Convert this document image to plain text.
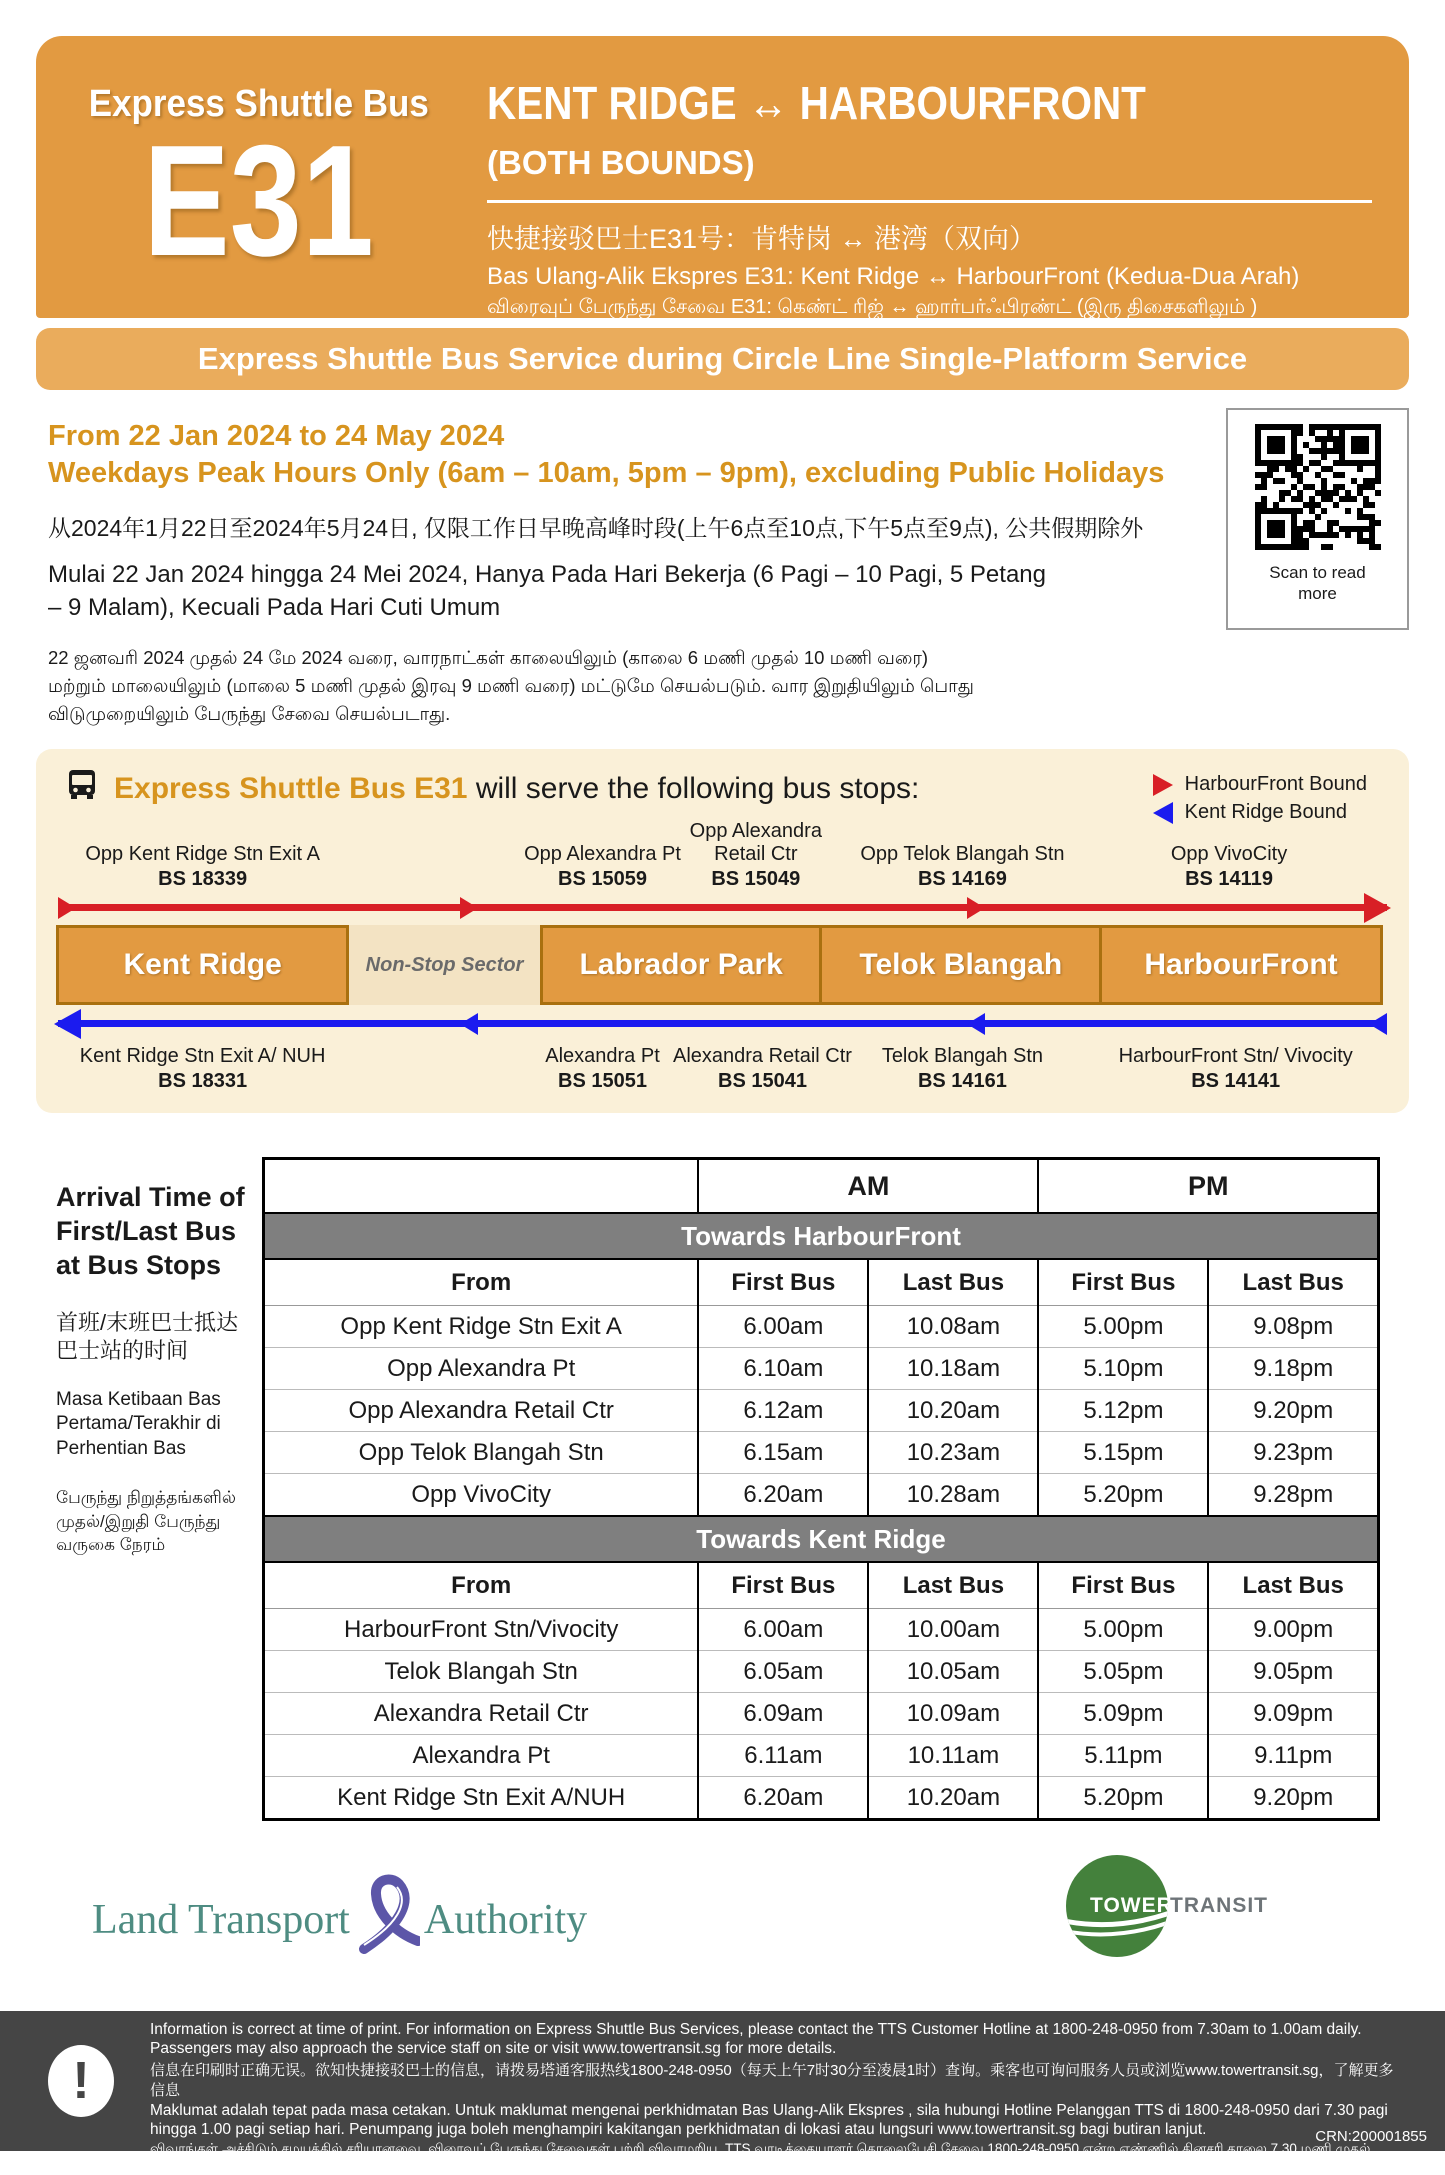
Express Shuttle Bus
E31
KENT RIDGE ↔ HARBOURFRONT
(BOTH BOUNDS)
快捷接驳巴士E31号：肯特岗 ↔ 港湾（双向）
Bas Ulang-Alik Ekspres E31: Kent Ridge ↔ HarbourFront (Kedua-Dua Arah)
விரைவுப் பேருந்து சேவை E31: கெண்ட் ரிஜ் ↔ ஹார்பர்ஃபிரண்ட் (இரு திசைகளிலும் )
Express Shuttle Bus Service during Circle Line Single-Platform Service
From 22 Jan 2024 to 24 May 2024
Weekdays Peak Hours Only (6am – 10am, 5pm – 9pm), excluding Public Holidays
从2024年1月22日至2024年5月24日, 仅限工作日早晚高峰时段(上午6点至10点,下午5点至9点), 公共假期除外
Mulai 22 Jan 2024 hingga 24 Mei 2024, Hanya Pada Hari Bekerja (6 Pagi – 10 Pagi, 5 Petang – 9 Malam), Kecuali Pada Hari Cuti Umum
22 ஜனவரி 2024 முதல் 24 மே 2024 வரை, வாரநாட்கள் காலையிலும் (காலை 6 மணி முதல் 10 மணி வரை) மற்றும் மாலையிலும் (மாலை 5 மணி முதல் இரவு 9 மணி வரை) மட்டுமே செயல்படும். வார இறுதியிலும் பொது விடுமுறையிலும் பேருந்து சேவை செயல்படாது.
Scan to read more
Express Shuttle Bus E31 will serve the following bus stops:	HarbourFront Bound
Kent Ridge Bound
Opp Kent Ridge Stn Exit A
BS 18339
Opp Alexandra Pt
BS 15059
Opp Alexandra Retail Ctr
BS 15049
Opp Telok Blangah Stn
BS 14169
Opp VivoCity
BS 14119
Kent Ridge	Non-Stop Sector	Labrador Park	Telok Blangah	HarbourFront
Kent Ridge Stn Exit A/ NUH
BS 18331
Alexandra Pt
BS 15051
Alexandra Retail Ctr
BS 15041
Telok Blangah Stn
BS 14161
HarbourFront Stn/ Vivocity
BS 14141
Arrival Time of First/Last Bus at Bus Stops
首班/末班巴士抵达巴士站的时间
Masa Ketibaan Bas Pertama/Terakhir di Perhentian Bas
பேருந்து நிறுத்தங்களில் முதல்/இறுதி பேருந்து வருகை நேரம்
	AM		PM	
Towards HarbourFront				
From	First Bus	Last Bus	First Bus	Last Bus
Opp Kent Ridge Stn Exit A	6.00am	10.08am	5.00pm	9.08pm
Opp Alexandra Pt	6.10am	10.18am	5.10pm	9.18pm
Opp Alexandra Retail Ctr	6.12am	10.20am	5.12pm	9.20pm
Opp Telok Blangah Stn	6.15am	10.23am	5.15pm	9.23pm
Opp VivoCity	6.20am	10.28am	5.20pm	9.28pm
Towards Kent Ridge				
From	First Bus	Last Bus	First Bus	Last Bus
HarbourFront Stn/Vivocity	6.00am	10.00am	5.00pm	9.00pm
Telok Blangah Stn	6.05am	10.05am	5.05pm	9.05pm
Alexandra Retail Ctr	6.09am	10.09am	5.09pm	9.09pm
Alexandra Pt	6.11am	10.11am	5.11pm	9.11pm
Kent Ridge Stn Exit A/NUH	6.20am	10.20am	5.20pm	9.20pm
Land Transport Authority	TOWER
TRANSIT
!
Information is correct at time of print. For information on Express Shuttle Bus Services, please contact the TTS Customer Hotline at 1800-248-0950 from 7.30am to 1.00am daily. Passengers may also approach the service staff on site or visit www.towertransit.sg for more details.
信息在印刷时正确无误。欲知快捷接驳巴士的信息，请拨易塔通客服热线1800-248-0950（每天上午7时30分至凌晨1时）查询。乘客也可询问服务人员或浏览www.towertransit.sg，了解更多信息
Maklumat adalah tepat pada masa cetakan. Untuk maklumat mengenai perkhidmatan Bas Ulang-Alik Ekspres , sila hubungi Hotline Pelanggan TTS di 1800-248-0950 dari 7.30 pagi hingga 1.00 pagi setiap hari. Penumpang juga boleh menghampiri kakitangan perkhidmatan di lokasi atau lungsuri www.towertransit.sg bagi butiran lanjut.
விவரங்கள் அச்சிடும் சமயத்தில் சரியானவை. விரைவுப் பேருந்து சேவைகள் பற்றி விவரமறிய, TTS வாடிக்கையாளர் தொலைபேசி சேவை 1800-248-0950 என்ற எண்ணில் தினசரி காலை 7.30 மணி முதல் பின்னிரவு 1.00 மணி வரை தொடர்பு கொள்ளலாம். அல்லது www.towertransit.sg என்ற இணையத்தளத்திற்கு செல்லலாம். பயணிகள் இரயில் நிலையங்களில் உள்ள சேவை ஊழியரையும் அணுகலாம்.
CRN:200001855
